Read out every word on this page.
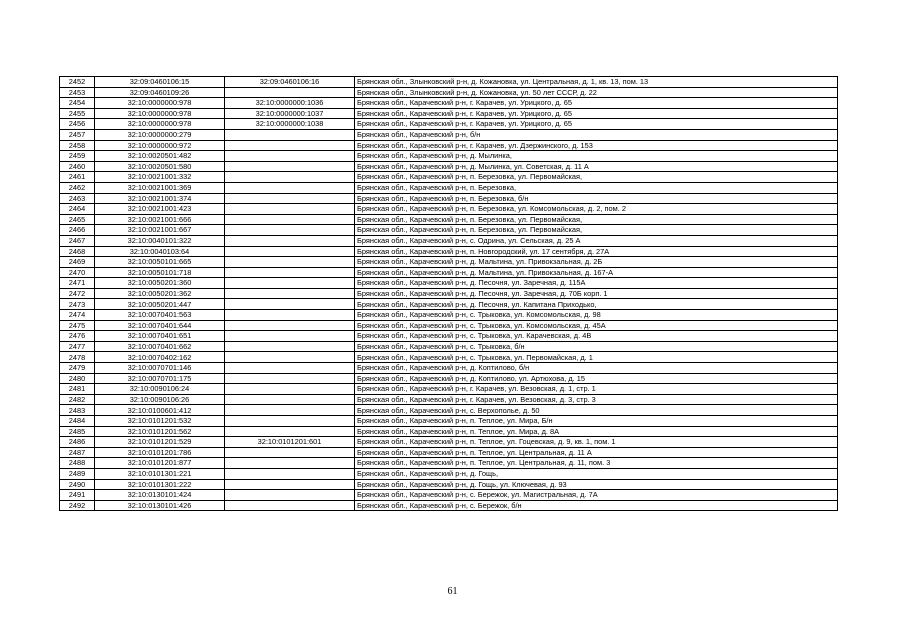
2452	32:09:0460106:15	32:09:0460106:16	Брянская обл., Злынковский р-н, д. Кожановка, ул. Центральная, д. 1, кв. 13, пом. 13
2453	32:09:0460109:26		Брянская обл., Злынковский р-н, д. Кожановка, ул. 50 лет СССР, д. 22
2454	32:10:0000000:978	32:10:0000000:1036	Брянская обл., Карачевский р-н, г. Карачев, ул. Урицкого, д. 65
2455	32:10:0000000:978	32:10:0000000:1037	Брянская обл., Карачевский р-н, г. Карачев, ул. Урицкого, д. 65
2456	32:10:0000000:978	32:10:0000000:1038	Брянская обл., Карачевский р-н, г. Карачев, ул. Урицкого, д. 65
2457	32:10:0000000:279		Брянская обл., Карачевский р-н, б/н
2458	32:10:0000000:972		Брянская обл., Карачевский р-н, г. Карачев, ул. Дзержинского, д. 153
2459	32:10:0020501:482		Брянская обл., Карачевский р-н, д. Мылинка,
2460	32:10:0020501:580		Брянская обл., Карачевский р-н, д. Мылинка, ул. Советская, д. 11 А
2461	32:10:0021001:332		Брянская обл., Карачевский р-н, п. Березовка, ул. Первомайская,
2462	32:10:0021001:369		Брянская обл., Карачевский р-н, п. Березовка,
2463	32:10:0021001:374		Брянская обл., Карачевский р-н, п. Березовка, б/н
2464	32:10:0021001:423		Брянская обл., Карачевский р-н, п. Березовка, ул. Комсомольская, д. 2, пом. 2
2465	32:10:0021001:666		Брянская обл., Карачевский р-н, п. Березовка, ул. Первомайская,
2466	32:10:0021001:667		Брянская обл., Карачевский р-н, п. Березовка, ул. Первомайская,
2467	32:10:0040101:322		Брянская обл., Карачевский р-н, с. Одрина, ул. Сельская, д. 25 А
2468	32:10:0040103:64		Брянская обл., Карачевский р-н, п. Новгородский, ул. 17 сентября, д. 27А
2469	32:10:0050101:665		Брянская обл., Карачевский р-н, д. Мальтина, ул. Привокзальная, д. 2Б
2470	32:10:0050101:718		Брянская обл., Карачевский р-н, д. Мальтина, ул. Привокзальная, д. 167-А
2471	32:10:0050201:360		Брянская обл., Карачевский р-н, д. Песочня, ул. Заречная, д. 115А
2472	32:10:0050201:362		Брянская обл., Карачевский р-н, д. Песочня, ул. Заречная, д. 70Б корп. 1
2473	32:10:0050201:447		Брянская обл., Карачевский р-н, д. Песочня, ул. Капитана Приходько,
2474	32:10:0070401:563		Брянская обл., Карачевский р-н, с. Трыковка, ул. Комсомольская, д. 98
2475	32:10:0070401:644		Брянская обл., Карачевский р-н, с. Трыковка, ул. Комсомольская, д. 45А
2476	32:10:0070401:651		Брянская обл., Карачевский р-н, с. Трыковка, ул. Карачевская, д. 4В
2477	32:10:0070401:662		Брянская обл., Карачевский р-н, с. Трыковка, б/н
2478	32:10:0070402:162		Брянская обл., Карачевский р-н, с. Трыковка, ул. Первомайская, д. 1
2479	32:10:0070701:146		Брянская обл., Карачевский р-н, д. Коптилово, б/н
2480	32:10:0070701:175		Брянская обл., Карачевский р-н, д. Коптилово, ул. Артюхова, д. 15
2481	32:10:0090106:24		Брянская обл., Карачевский р-н, г. Карачев, ул. Везовская, д. 1, стр. 1
2482	32:10:0090106:26		Брянская обл., Карачевский р-н, г. Карачев, ул. Везовская, д. 3, стр. 3
2483	32:10:0100601:412		Брянская обл., Карачевский р-н, с. Верхополье, д. 50
2484	32:10:0101201:532		Брянская обл., Карачевский р-н, п. Теплое, ул. Мира, Б/н
2485	32:10:0101201:562		Брянская обл., Карачевский р-н, п. Теплое, ул. Мира, д. 8А
2486	32:10:0101201:529	32:10:0101201:601	Брянская обл., Карачевский р-н, п. Теплое, ул. Гоцевская, д. 9, кв. 1, пом. 1
2487	32:10:0101201:786		Брянская обл., Карачевский р-н, п. Теплое, ул. Центральная, д. 11 А
2488	32:10:0101201:877		Брянская обл., Карачевский р-н, п. Теплое, ул. Центральная, д. 11, пом. 3
2489	32:10:0101301:221		Брянская обл., Карачевский р-н, д. Гощь,
2490	32:10:0101301:222		Брянская обл., Карачевский р-н, д. Гощь, ул. Ключевая, д. 93
2491	32:10:0130101:424		Брянская обл., Карачевский р-н, с. Бережок, ул. Магистральная, д. 7А
2492	32:10:0130101:426		Брянская обл., Карачевский р-н, с. Бережок, б/н
61
